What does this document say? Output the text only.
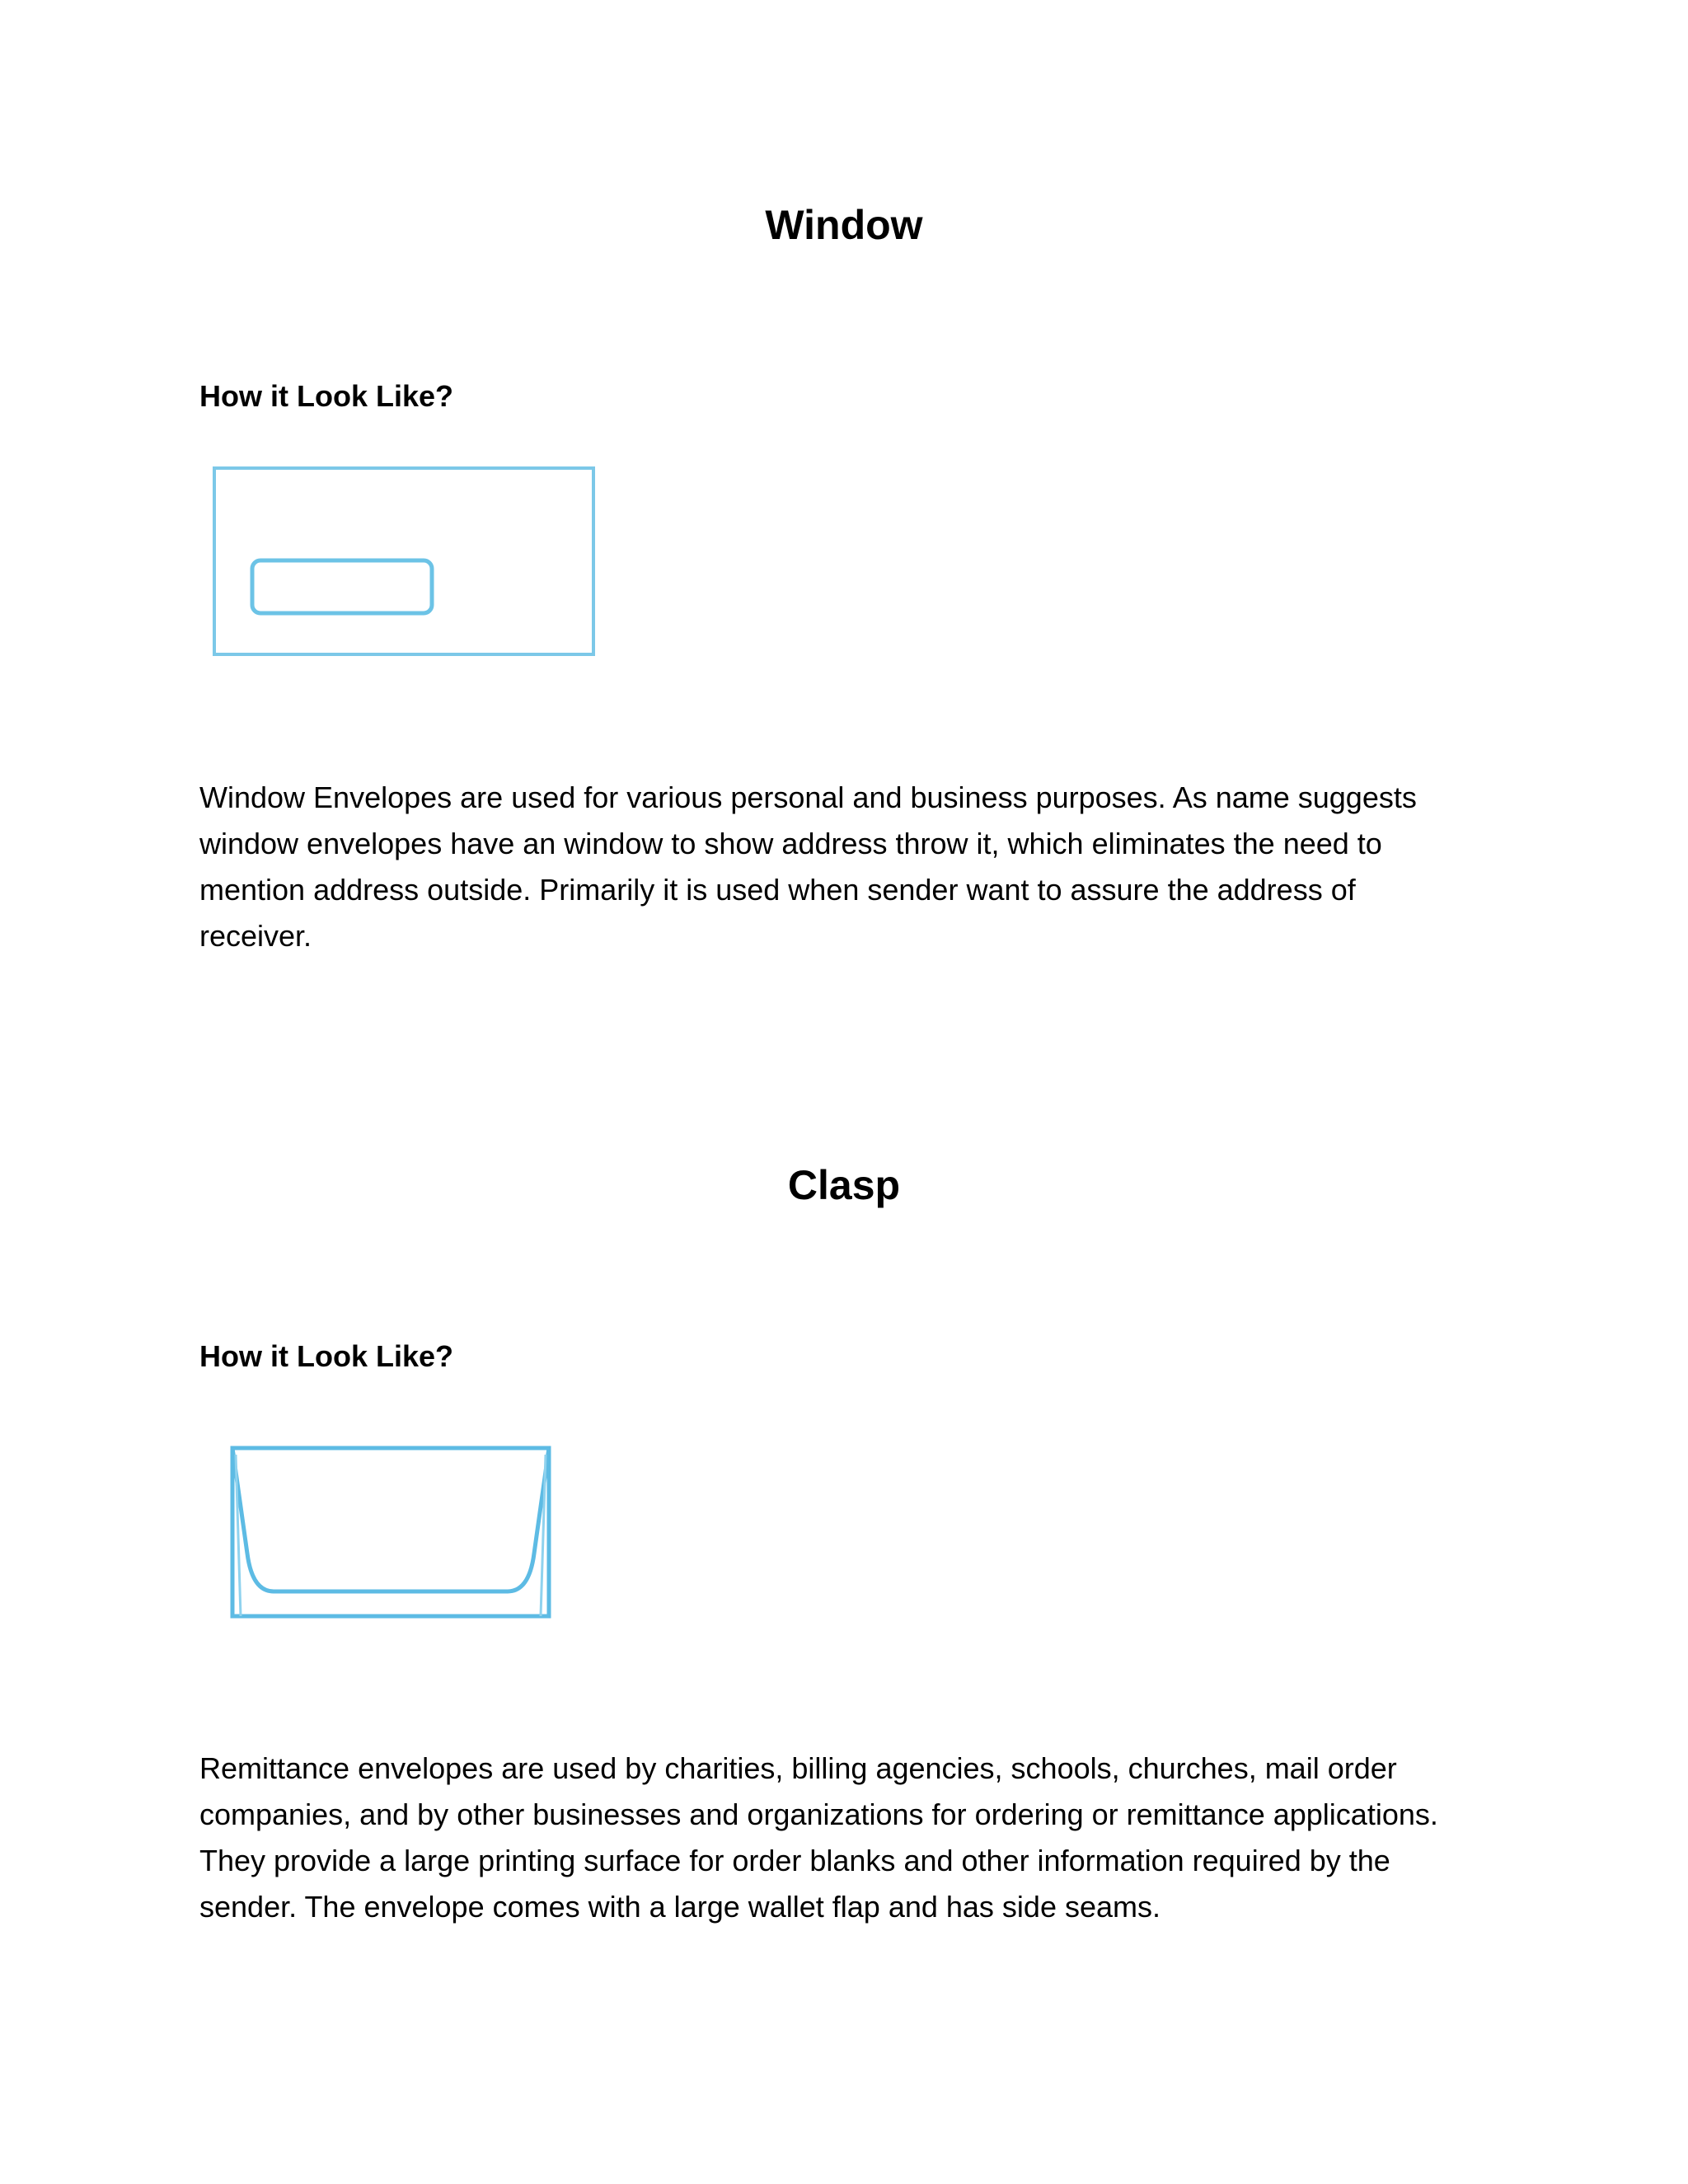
Window
How it Look Like?

Window Envelopes are used for various personal and business purposes. As name suggests
window envelopes have an window to show address throw it, which eliminates the need to
mention address outside. Primarily it is used when sender want to assure the address of
receiver.

Clasp
How it Look Like?

Remittance envelopes are used by charities, billing agencies, schools, churches, mail order
companies, and by other businesses and organizations for ordering or remittance applications.
They provide a large printing surface for order blanks and other information required by the
sender. The envelope comes with a large wallet flap and has side seams.
